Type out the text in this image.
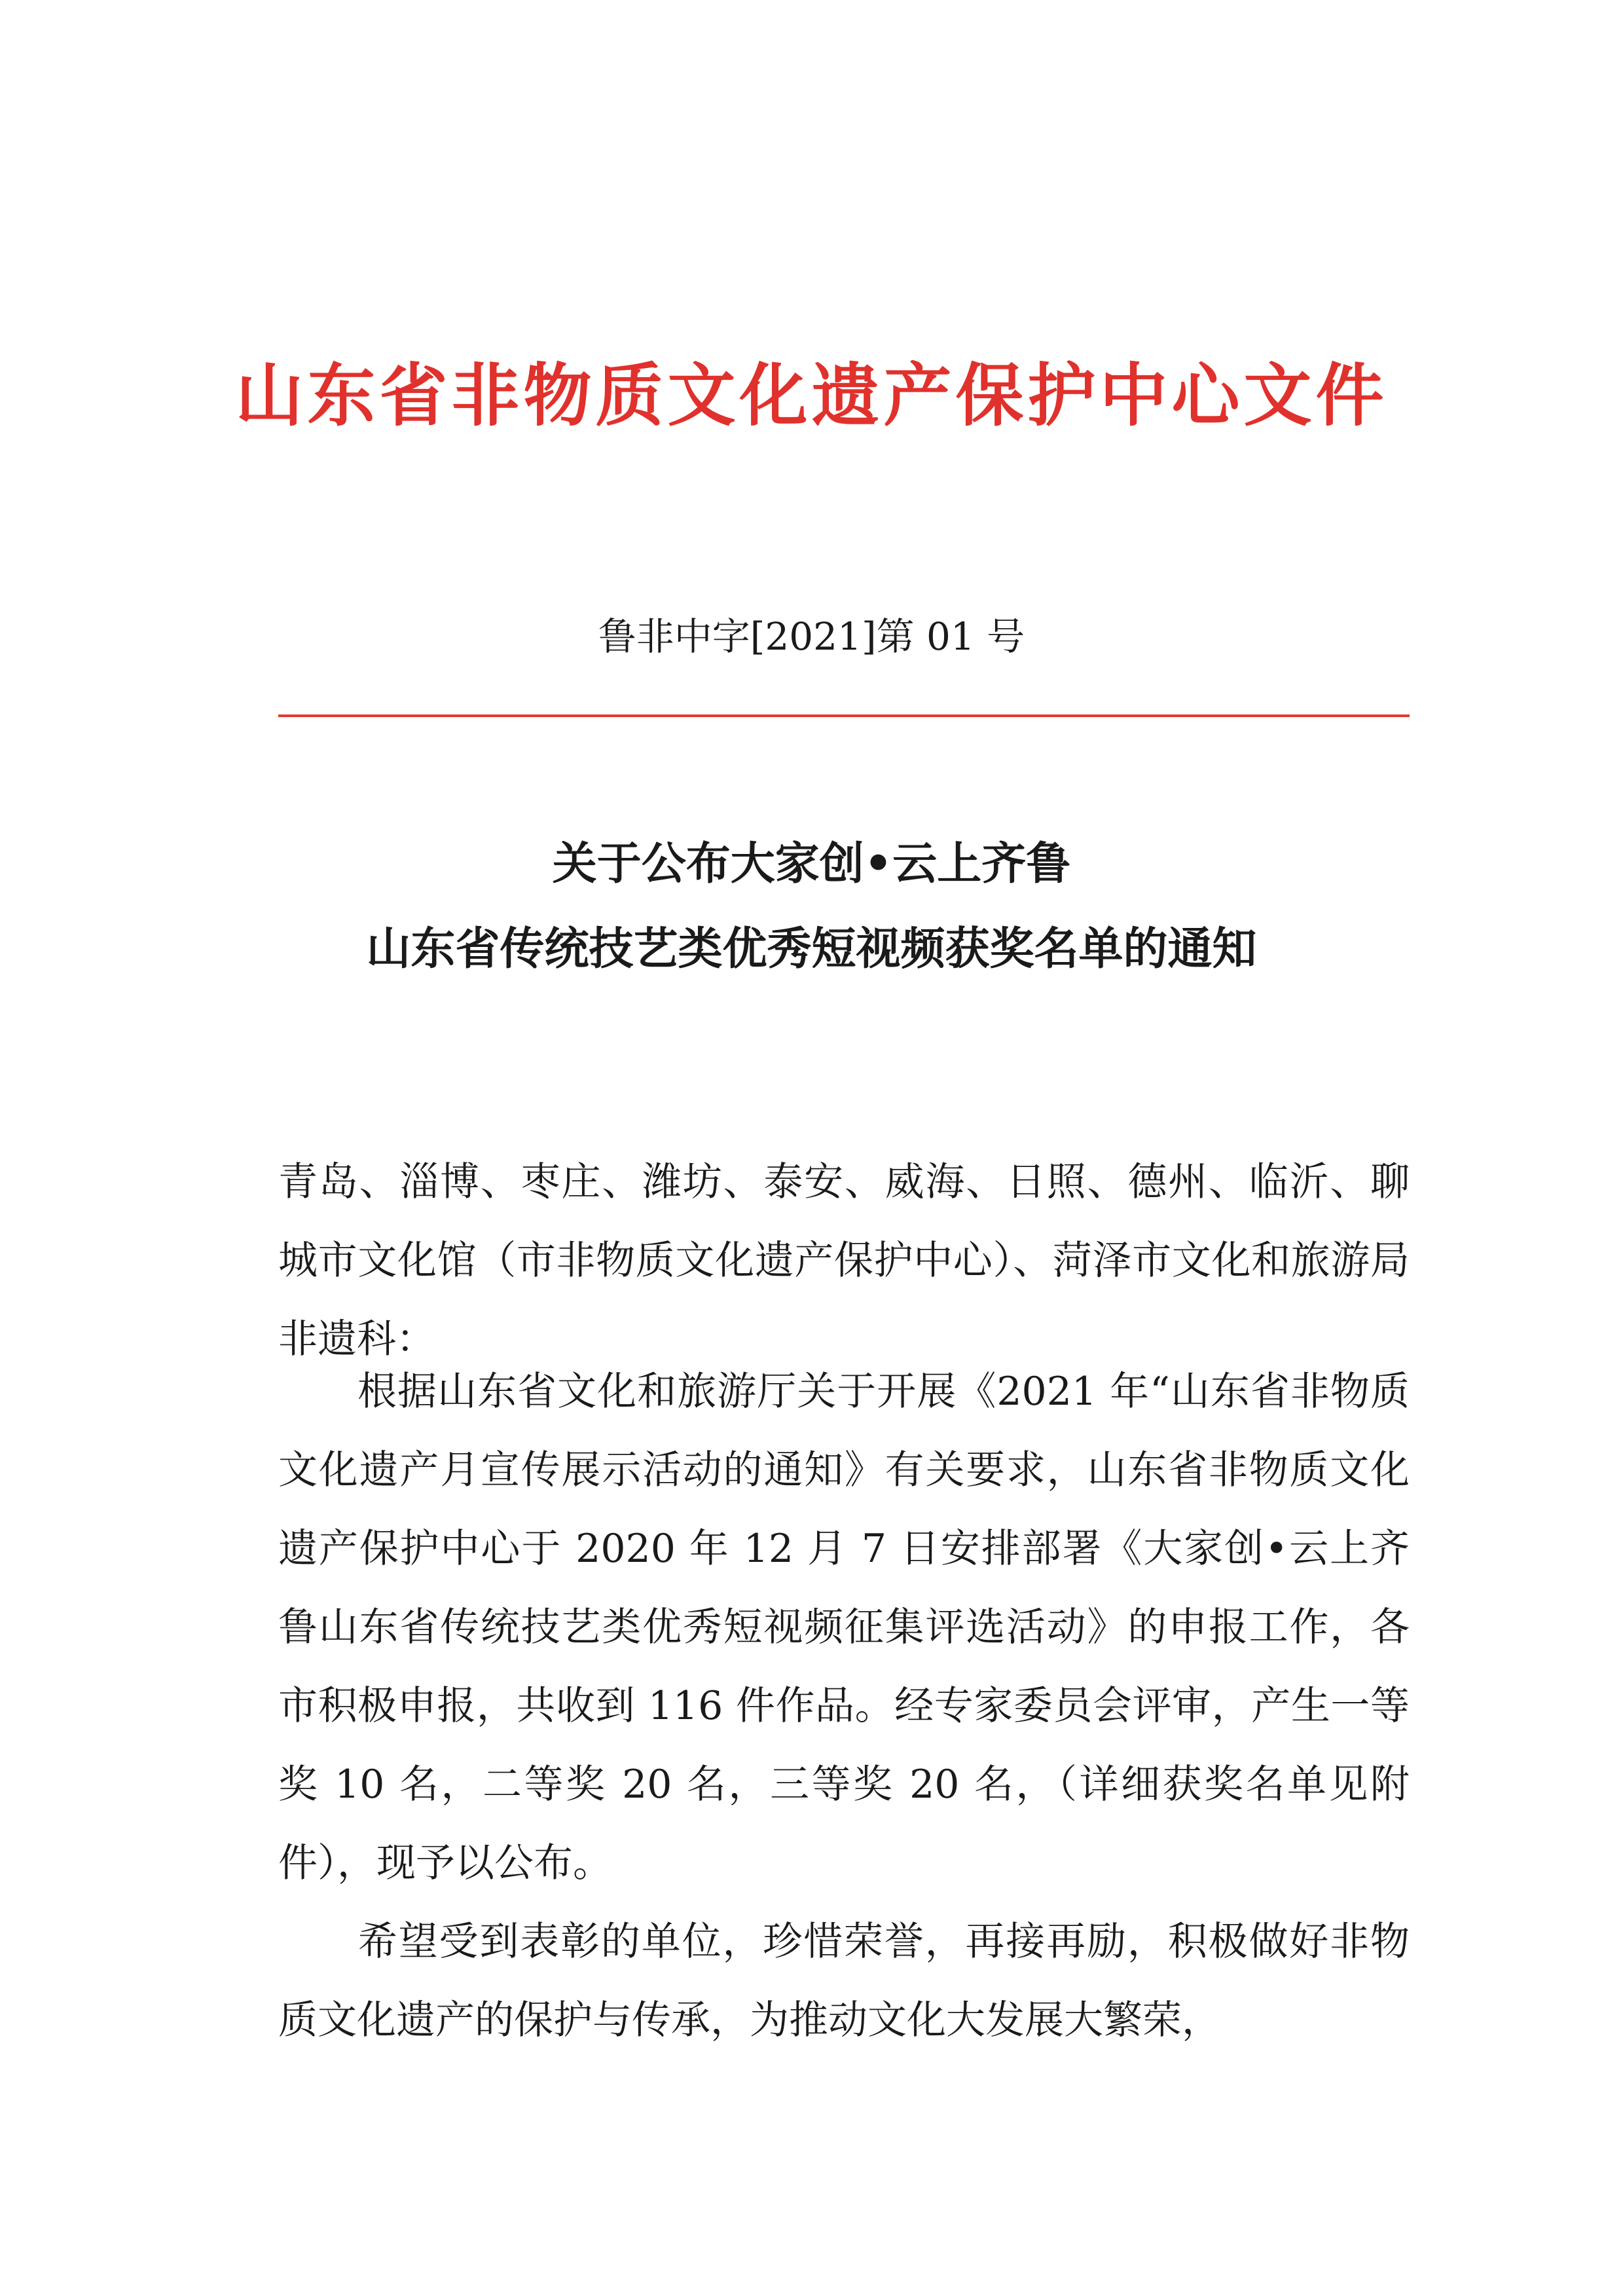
山东省非物质文化遗产保护中心文件
鲁非中字[2021]第 01 号
关于公布大家创•云上齐鲁
山东省传统技艺类优秀短视频获奖名单的通知
青岛、淄博、枣庄、潍坊、泰安、威海、日照、德州、临沂、聊城市文化馆（市非物质文化遗产保护中心）、菏泽市文化和旅游局非遗科：
根据山东省文化和旅游厅关于开展《2021 年“山东省非物质文化遗产月宣传展示活动的通知》有关要求，山东省非物质文化遗产保护中心于 2020 年 12 月 7 日安排部署《大家创•云上齐鲁山东省传统技艺类优秀短视频征集评选活动》的申报工作，各市积极申报，共收到 116 件作品。经专家委员会评审，产生一等奖 10 名，二等奖 20 名，三等奖 20 名，（详细获奖名单见附件），现予以公布。
希望受到表彰的单位，珍惜荣誉，再接再励，积极做好非物质文化遗产的保护与传承，为推动文化大发展大繁荣，
